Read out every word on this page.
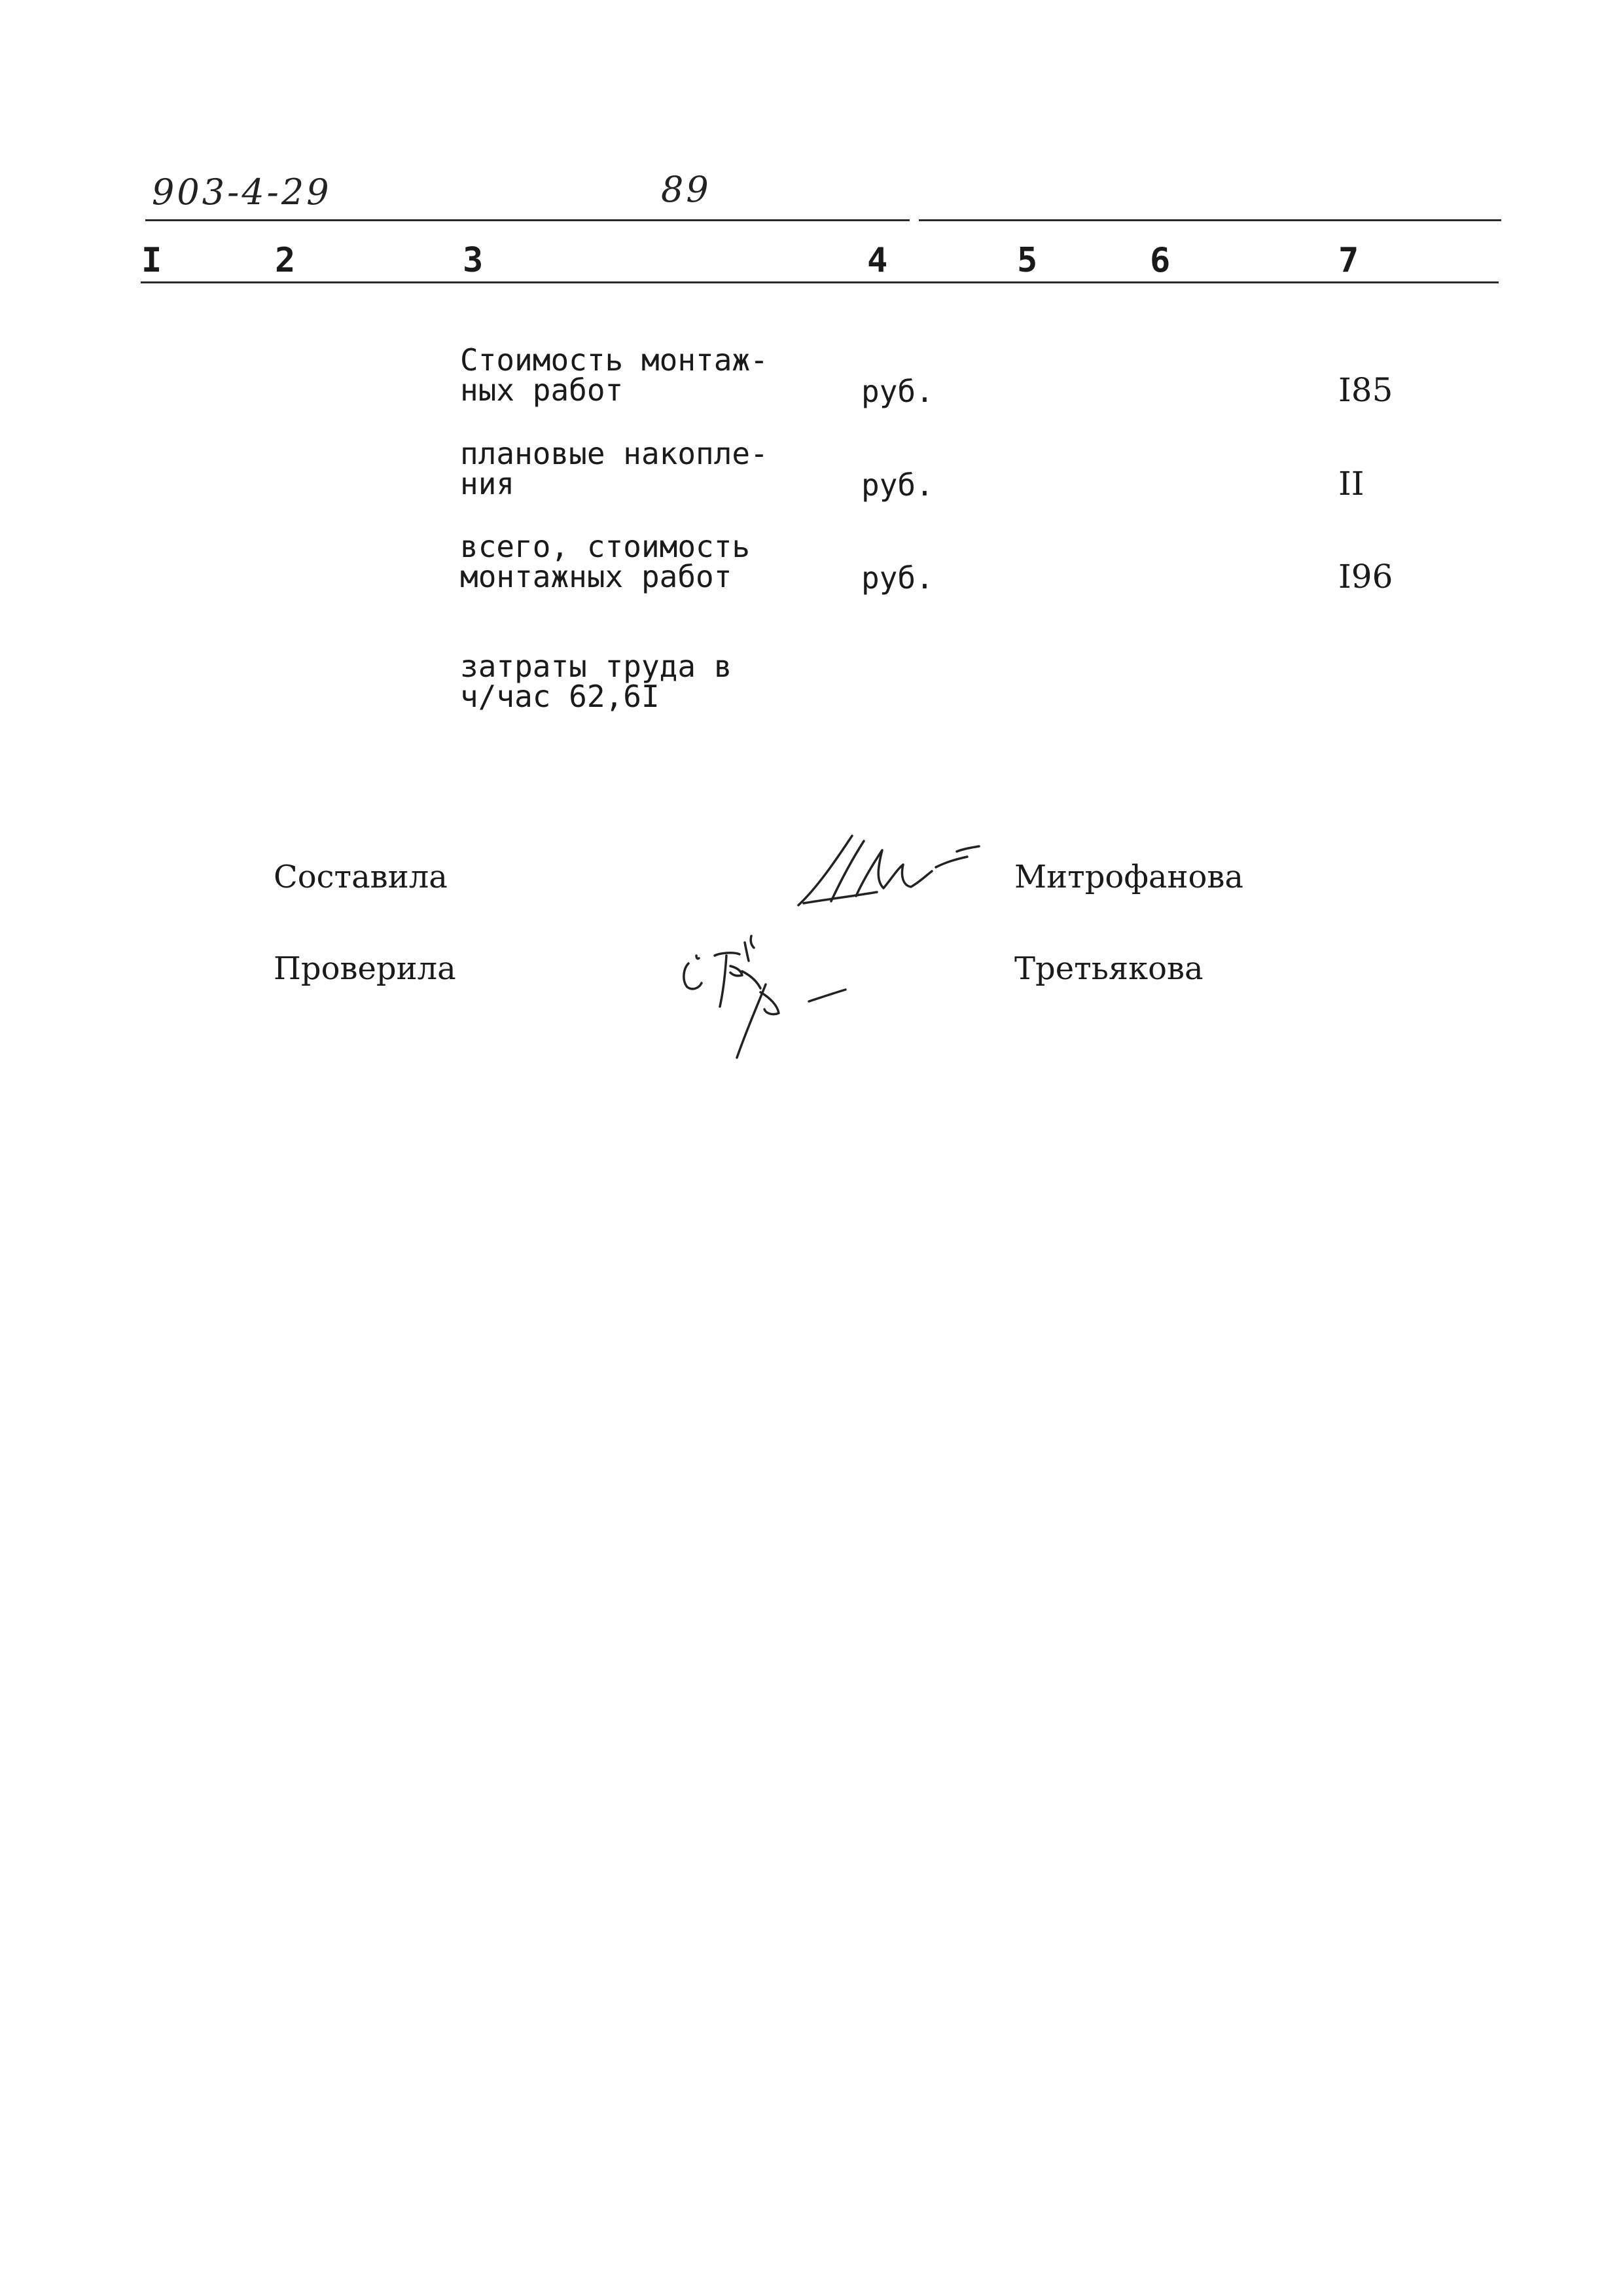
903-4-29	89
I	2	3	4	5	6	7
Стоимость монтаж-
ных работ	руб.	I85
плановые накопле-
ния	руб.	II
всего, стоимость
монтажных работ	руб.	I96
затраты труда в
ч/час 62,6I
Составила	Митрофанова
Проверила	Третьякова
